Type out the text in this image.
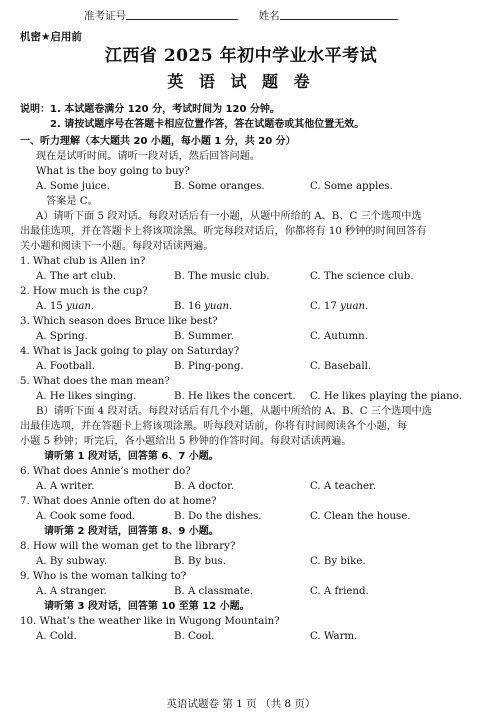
准考证号	姓名
机密★启用前
江西省 2025 年初中学业水平考试
英 语 试 题 卷
说明：1. 本试题卷满分 120 分，考试时间为 120 分钟。
2. 请按试题序号在答题卡相应位置作答，答在试题卷或其他位置无效。
一、听力理解（本大题共 20 小题，每小题 1 分，共 20 分）
现在是试听时间。请听一段对话，然后回答问题。
What is the boy going to buy?
A. Some juice.	B. Some oranges.	C. Some apples.
答案是 C。
A）请听下面 5 段对话。每段对话后有一小题，从题中所给的 A、B、C 三个选项中选
出最佳选项，并在答题卡上将该项涂黑。听完每段对话后，你都将有 10 秒钟的时间回答有
关小题和阅读下一小题。每段对话读两遍。
1. What club is Allen in?
A. The art club.	B. The music club.	C. The science club.
2. How much is the cup?
A. 15 yuan.	B. 16 yuan.	C. 17 yuan.
3. Which season does Bruce like best?
A. Spring.	B. Summer.	C. Autumn.
4. What is Jack going to play on Saturday?
A. Football.	B. Ping-pong.	C. Baseball.
5. What does the man mean?
A. He likes singing.	B. He likes the concert.	C. He likes playing the piano.
B）请听下面 4 段对话。每段对话后有几个小题，从题中所给的 A、B、C 三个选项中选
出最佳选项，并在答题卡上将该项涂黑。听每段对话前，你将有时间阅读各个小题，每
小题 5 秒钟；听完后，各小题给出 5 秒钟的作答时间。每段对话读两遍。
请听第 1 段对话，回答第 6、7 小题。
6. What does Annie’s mother do?
A. A writer.	B. A doctor.	C. A teacher.
7. What does Annie often do at home?
A. Cook some food.	B. Do the dishes.	C. Clean the house.
请听第 2 段对话，回答第 8、9 小题。
8. How will the woman get to the library?
A. By subway.	B. By bus.	C. By bike.
9. Who is the woman talking to?
A. A stranger.	B. A classmate.	C. A friend.
请听第 3 段对话，回答第 10 至第 12 小题。
10. What’s the weather like in Wugong Mountain?
A. Cold.	B. Cool.	C. Warm.
英语试题卷 第 1 页 （共 8 页）
